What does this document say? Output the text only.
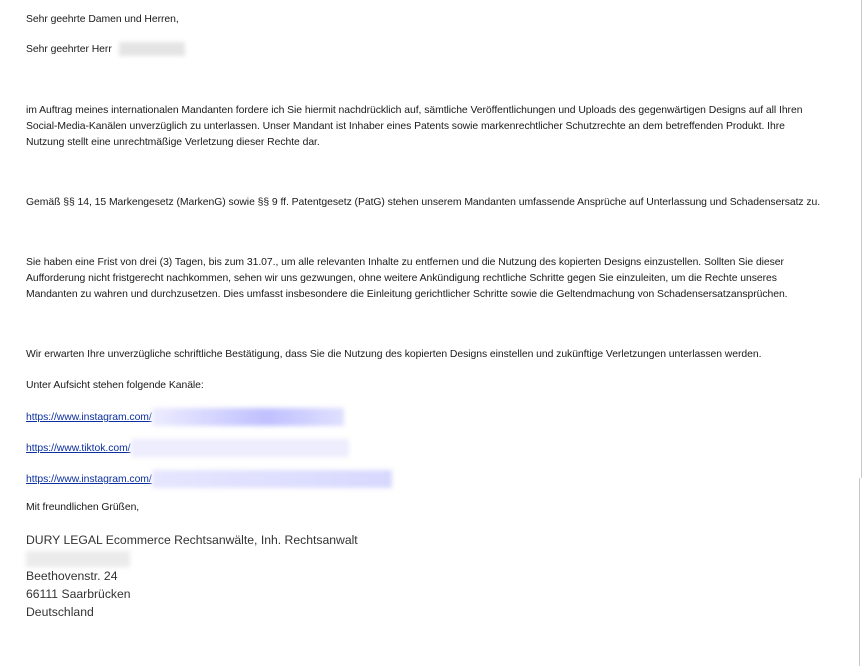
Sehr geehrte Damen und Herren,
Sehr geehrter Herr
im Auftrag meines internationalen Mandanten fordere ich Sie hiermit nachdrücklich auf, sämtliche Veröffentlichungen und Uploads des gegenwärtigen Designs auf all Ihren
Social-Media-Kanälen unverzüglich zu unterlassen. Unser Mandant ist Inhaber eines Patents sowie markenrechtlicher Schutzrechte an dem betreffenden Produkt. Ihre
Nutzung stellt eine unrechtmäßige Verletzung dieser Rechte dar.
Gemäß §§ 14, 15 Markengesetz (MarkenG) sowie §§ 9 ff. Patentgesetz (PatG) stehen unserem Mandanten umfassende Ansprüche auf Unterlassung und Schadensersatz zu.
Sie haben eine Frist von drei (3) Tagen, bis zum 31.07., um alle relevanten Inhalte zu entfernen und die Nutzung des kopierten Designs einzustellen. Sollten Sie dieser
Aufforderung nicht fristgerecht nachkommen, sehen wir uns gezwungen, ohne weitere Ankündigung rechtliche Schritte gegen Sie einzuleiten, um die Rechte unseres
Mandanten zu wahren und durchzusetzen. Dies umfasst insbesondere die Einleitung gerichtlicher Schritte sowie die Geltendmachung von Schadensersatzansprüchen.
Wir erwarten Ihre unverzügliche schriftliche Bestätigung, dass Sie die Nutzung des kopierten Designs einstellen und zukünftige Verletzungen unterlassen werden.
Unter Aufsicht stehen folgende Kanäle:
https://www.instagram.com/
https://www.tiktok.com/
https://www.instagram.com/
Mit freundlichen Grüßen,
DURY LEGAL Ecommerce Rechtsanwälte, Inh. Rechtsanwalt
Beethovenstr. 24
66111 Saarbrücken
Deutschland
